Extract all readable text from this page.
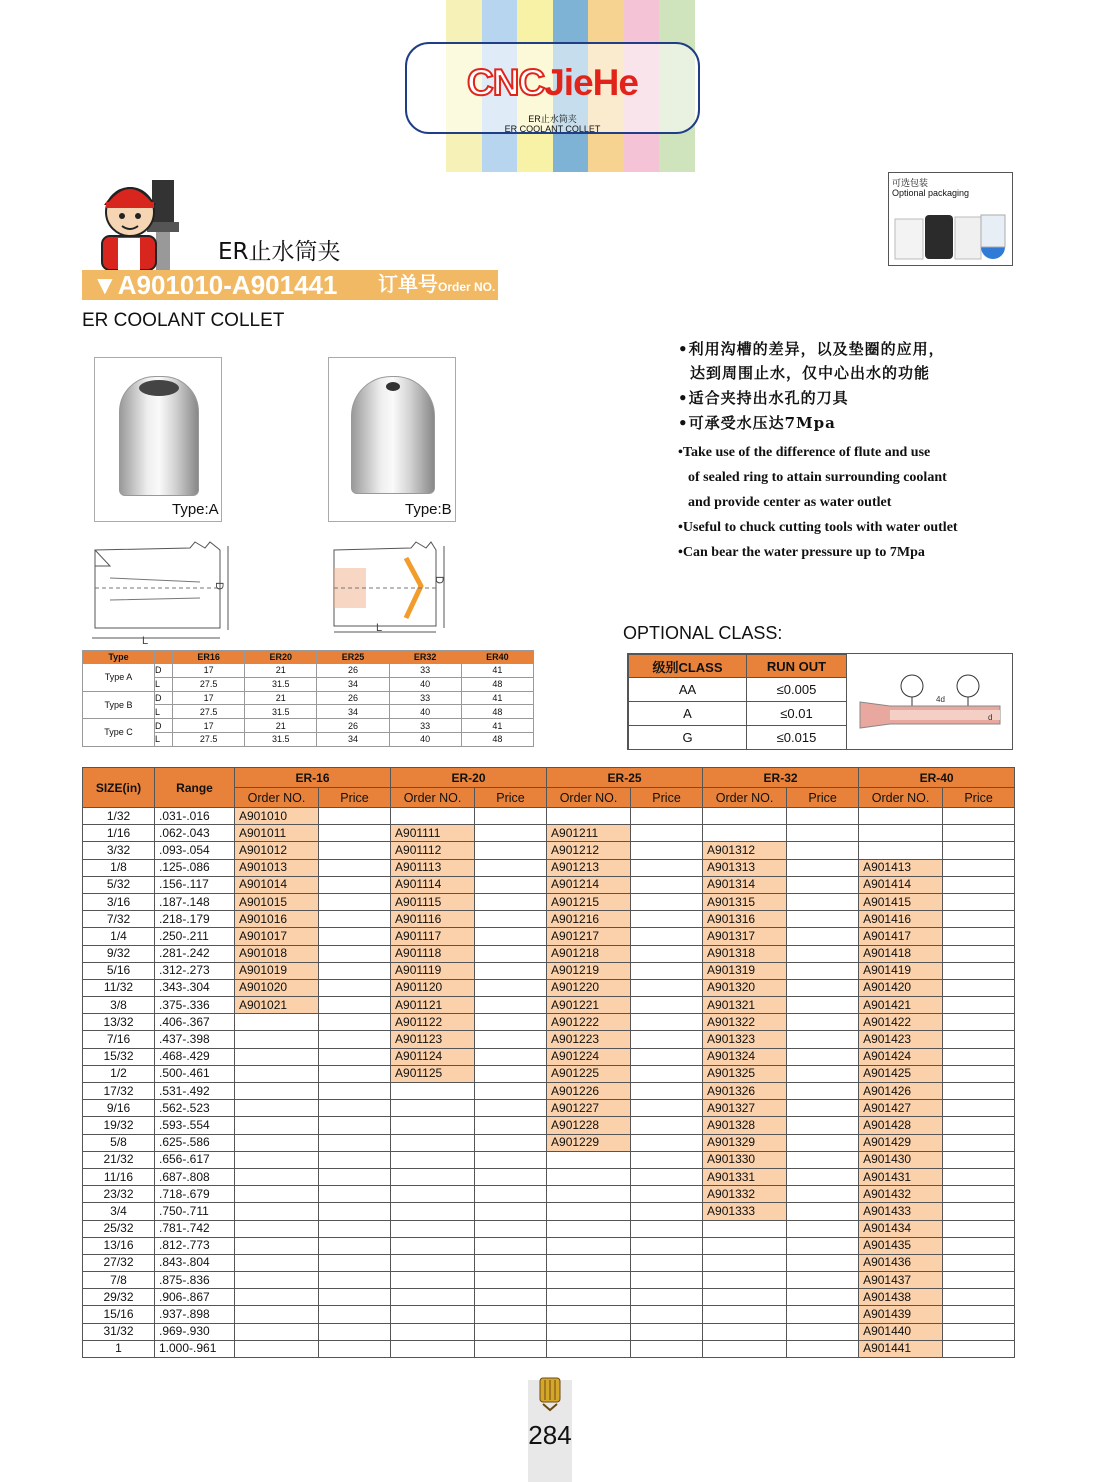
CNCJieHe
ER止水筒夹
ER COOLANT COLLET
ER止水筒夹
▼A901010-A901441 订单号Order NO.
ER COOLANT COLLET
可选包装
Optional packaging
Type:A	Type:B
L
D
L
D
•利用沟槽的差异，以及垫圈的应用，
达到周围止水，仅中心出水的功能
•适合夹持出水孔的刀具
•可承受水压达7Mpa
•Take use of the difference of flute and use
of sealed ring to attain surrounding coolant
and provide center as water outlet
•Useful to chuck cutting tools with water outlet
•Can bear the water pressure up to 7Mpa
Type		ER16	ER20	ER25	ER32	ER40
Type A	D	17	21	26	33	41
	L	27.5	31.5	34	40	48
Type B	D	17	21	26	33	41
	L	27.5	31.5	34	40	48
Type C	D	17	21	26	33	41
	L	27.5	31.5	34	40	48
OPTIONAL CLASS:
级别CLASS	RUN OUT
AA	≤0.005
A	≤0.01
G	≤0.015
4d
d
SIZE(in)	Range	ER-16		ER-20		ER-25		ER-32		ER-40	
		Order NO.	Price	Order NO.	Price	Order NO.	Price	Order NO.	Price	Order NO.	Price
1/32	.031-.016	A901010									
1/16	.062-.043	A901011		A901111		A901211					
3/32	.093-.054	A901012		A901112		A901212		A901312			
1/8	.125-.086	A901013		A901113		A901213		A901313		A901413	
5/32	.156-.117	A901014		A901114		A901214		A901314		A901414	
3/16	.187-.148	A901015		A901115		A901215		A901315		A901415	
7/32	.218-.179	A901016		A901116		A901216		A901316		A901416	
1/4	.250-.211	A901017		A901117		A901217		A901317		A901417	
9/32	.281-.242	A901018		A901118		A901218		A901318		A901418	
5/16	.312-.273	A901019		A901119		A901219		A901319		A901419	
11/32	.343-.304	A901020		A901120		A901220		A901320		A901420	
3/8	.375-.336	A901021		A901121		A901221		A901321		A901421	
13/32	.406-.367			A901122		A901222		A901322		A901422	
7/16	.437-.398			A901123		A901223		A901323		A901423	
15/32	.468-.429			A901124		A901224		A901324		A901424	
1/2	.500-.461			A901125		A901225		A901325		A901425	
17/32	.531-.492					A901226		A901326		A901426	
9/16	.562-.523					A901227		A901327		A901427	
19/32	.593-.554					A901228		A901328		A901428	
5/8	.625-.586					A901229		A901329		A901429	
21/32	.656-.617							A901330		A901430	
11/16	.687-.808							A901331		A901431	
23/32	.718-.679							A901332		A901432	
3/4	.750-.711							A901333		A901433	
25/32	.781-.742									A901434	
13/16	.812-.773									A901435	
27/32	.843-.804									A901436	
7/8	.875-.836									A901437	
29/32	.906-.867									A901438	
15/16	.937-.898									A901439	
31/32	.969-.930									A901440	
1	1.000-.961									A901441	
284
